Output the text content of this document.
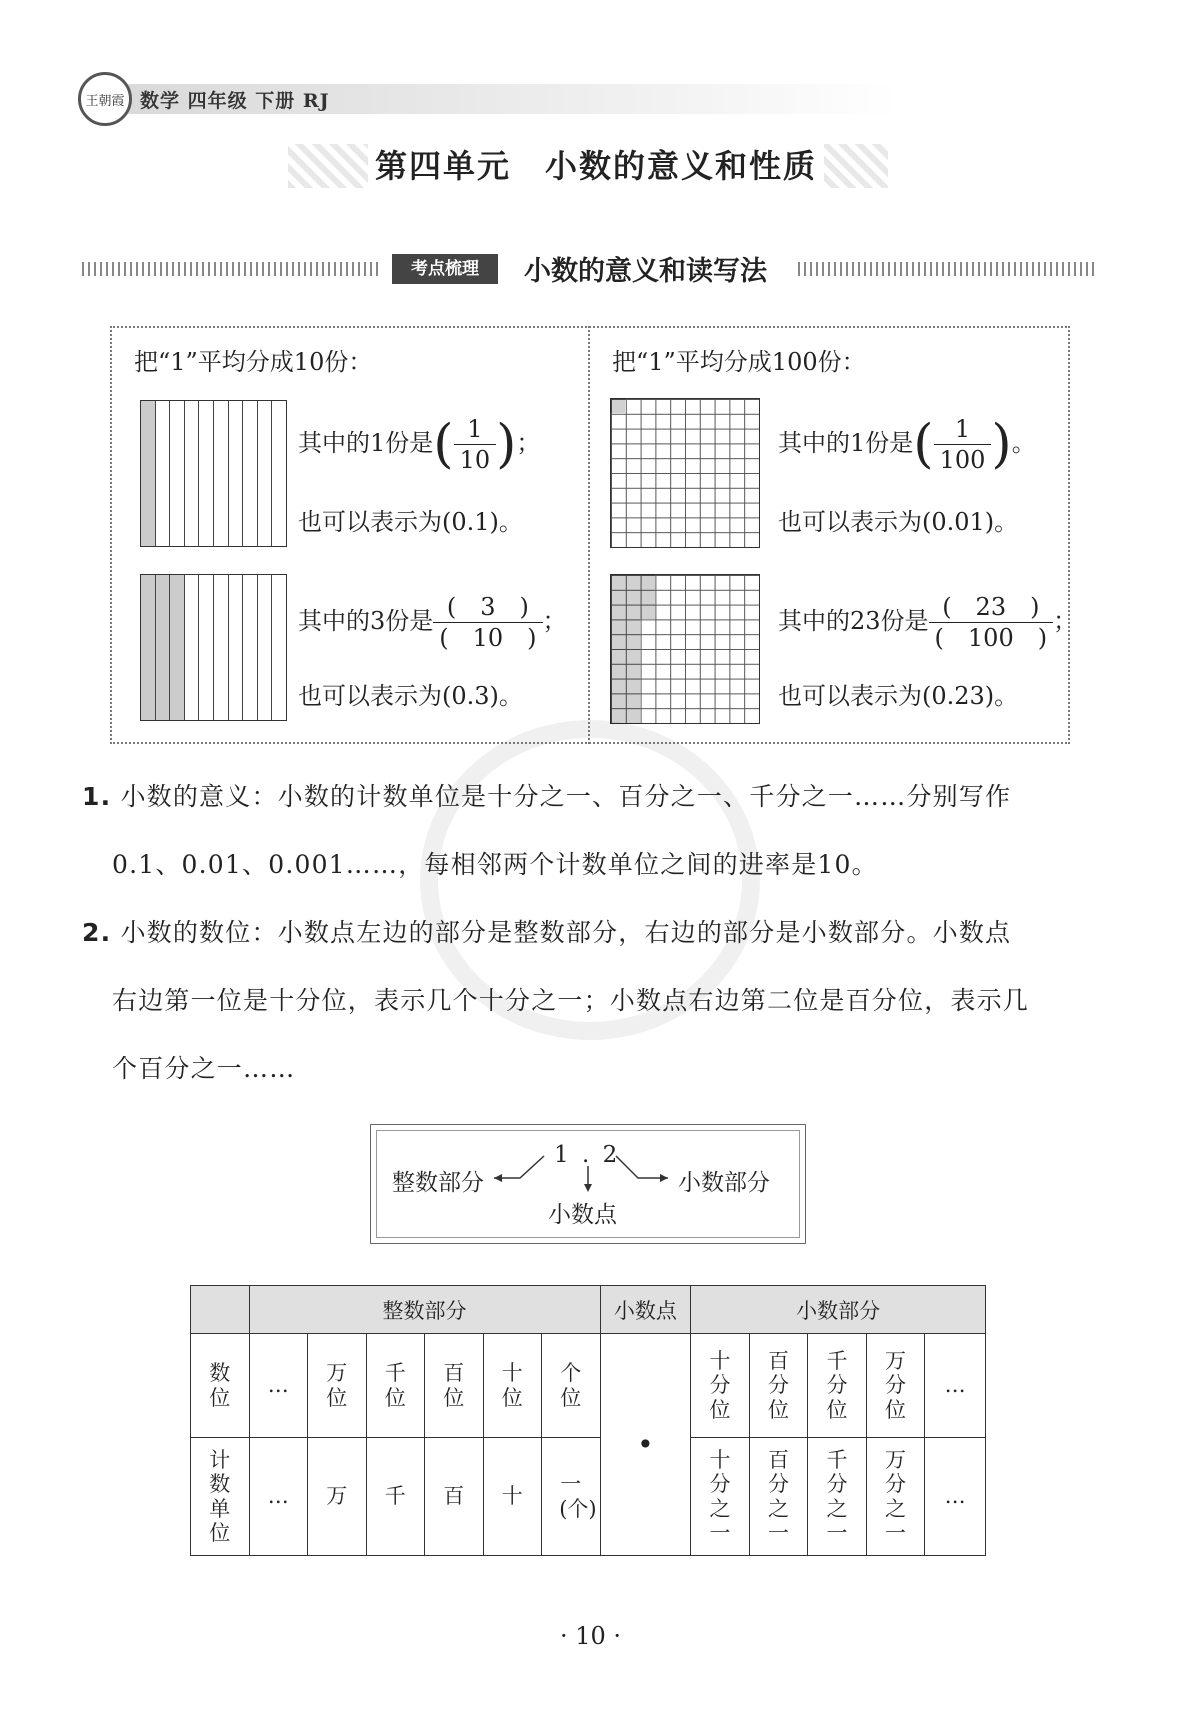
王朝霞 数学 四年级 下册 RJ
第四单元　小数的意义和性质
考点梳理	小数的意义和读写法
把“1”平均分成10份：
其中的1份是( $\frac{1}{10}$ )；
也可以表示为(0.1)。
其中的3份是 $\frac{( 3 )}{( 10 )}$ ；
也可以表示为(0.3)。
把“1”平均分成100份：
其中的1份是( $\frac{1}{100}$ )。
也可以表示为(0.01)。
其中的23份是 $\frac{( 23 )}{( 100 )}$ ；
也可以表示为(0.23)。
1. 小数的意义：小数的计数单位是十分之一、百分之一、千分之一……分别写作
0.1、0.01、0.001……，每相邻两个计数单位之间的进率是10。
2. 小数的数位：小数点左边的部分是整数部分，右边的部分是小数部分。小数点
右边第一位是十分位，表示几个十分之一；小数点右边第二位是百分位，表示几
个百分之一……
整数部分
1 . 2
小数部分
小数点
	整数部分						小数点	小数部分				
数位	…	万位	千位	百位	十位	个位	•	十分位	百分位	千分位	万分位	…
计数单位	…	万	千	百	十	一(个)		十分之一	百分之一	千分之一	万分之一	…
· 10 ·
